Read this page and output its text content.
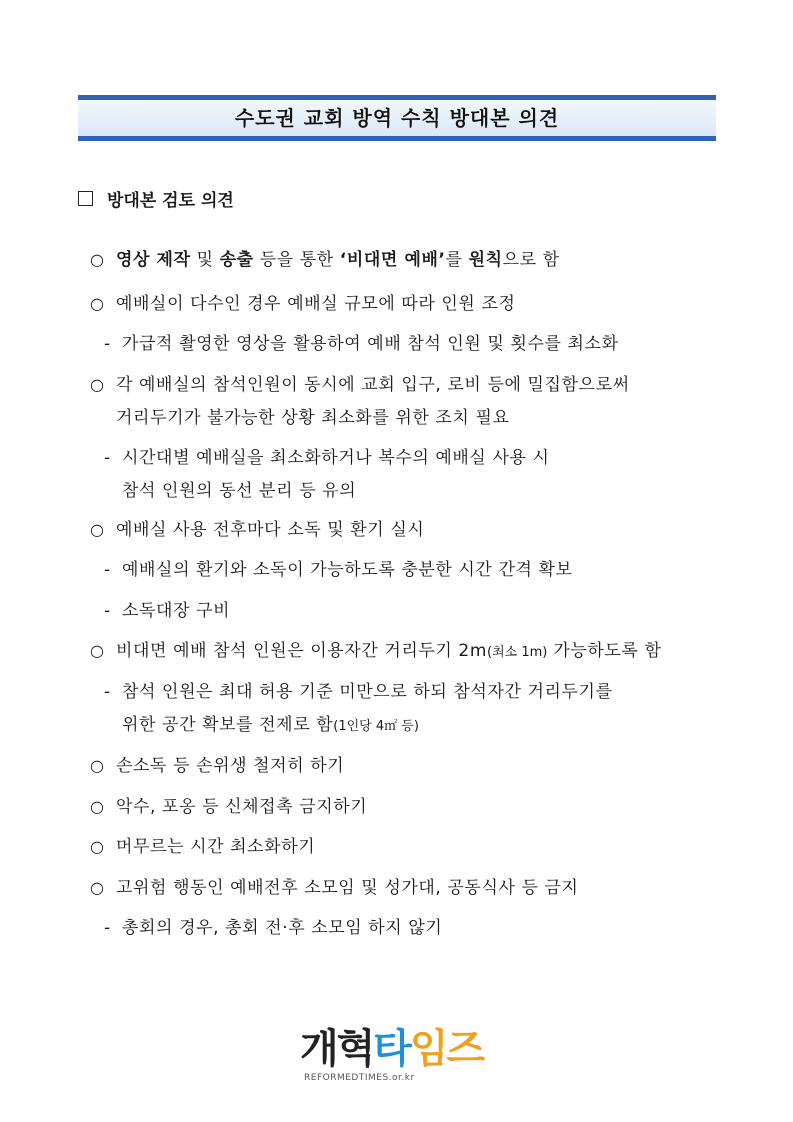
수도권 교회 방역 수칙 방대본 의견
방대본 검토 의견
○ 영상 제작 및 송출 등을 통한 ‘비대면 예배’를 원칙으로 함
○ 예배실이 다수인 경우 예배실 규모에 따라 인원 조정
- 가급적 촬영한 영상을 활용하여 예배 참석 인원 및 횟수를 최소화
○ 각 예배실의 참석인원이 동시에 교회 입구, 로비 등에 밀집함으로써
거리두기가 불가능한 상황 최소화를 위한 조치 필요
- 시간대별 예배실을 최소화하거나 복수의 예배실 사용 시
참석 인원의 동선 분리 등 유의
○ 예배실 사용 전후마다 소독 및 환기 실시
- 예배실의 환기와 소독이 가능하도록 충분한 시간 간격 확보
- 소독대장 구비
○ 비대면 예배 참석 인원은 이용자간 거리두기 2m(최소 1m) 가능하도록 함
- 참석 인원은 최대 허용 기준 미만으로 하되 참석자간 거리두기를
위한 공간 확보를 전제로 함(1인당 4㎡ 등)
○ 손소독 등 손위생 철저히 하기
○ 악수, 포옹 등 신체접촉 금지하기
○ 머무르는 시간 최소화하기
○ 고위험 행동인 예배전후 소모임 및 성가대, 공동식사 등 금지
- 총회의 경우, 총회 전·후 소모임 하지 않기
개혁타임즈
REFORMEDTIMES.or.kr
